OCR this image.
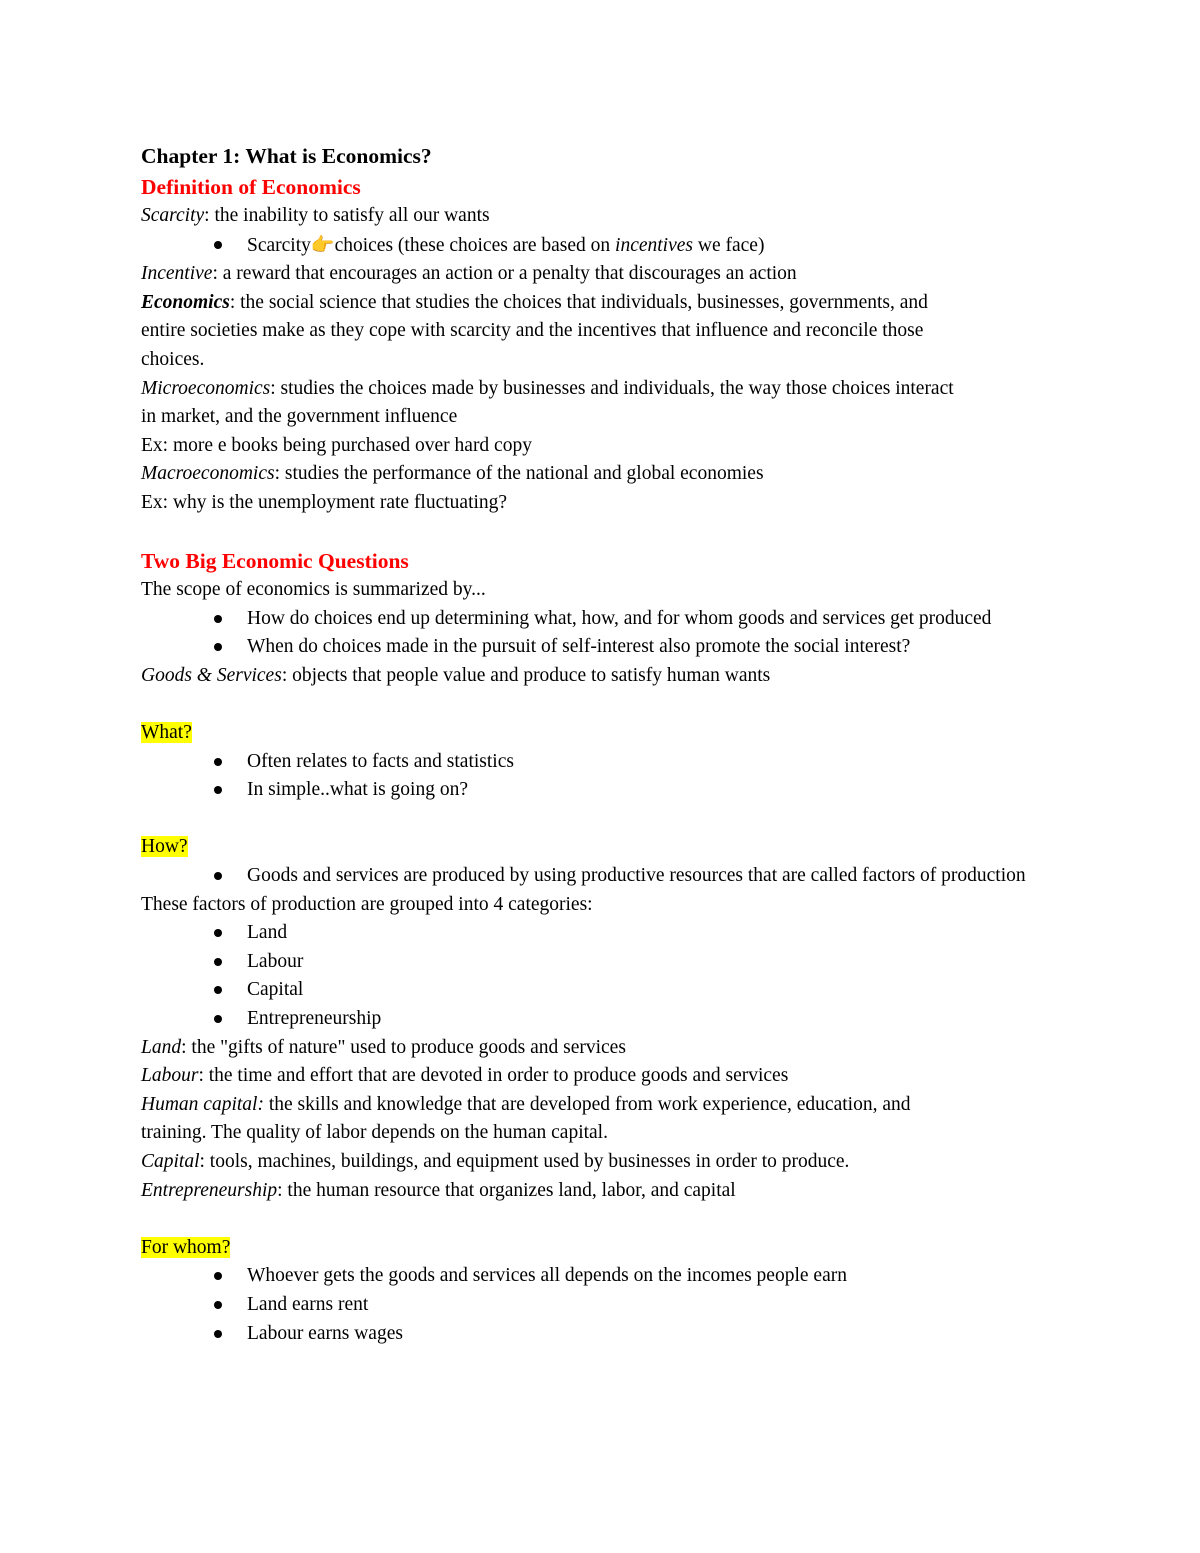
Chapter 1: What is Economics?
Definition of Economics
Scarcity: the inability to satisfy all our wants
Scarcity👉choices (these choices are based on incentives we face)
Incentive: a reward that encourages an action or a penalty that discourages an action
Economics: the social science that studies the choices that individuals, businesses, governments, and
entire societies make as they cope with scarcity and the incentives that influence and reconcile those
choices.
Microeconomics: studies the choices made by businesses and individuals, the way those choices interact
in market, and the government influence
Ex: more e books being purchased over hard copy
Macroeconomics: studies the performance of the national and global economies
Ex: why is the unemployment rate fluctuating?
Two Big Economic Questions
The scope of economics is summarized by...
How do choices end up determining what, how, and for whom goods and services get produced
When do choices made in the pursuit of self-interest also promote the social interest?
Goods & Services: objects that people value and produce to satisfy human wants
What?
Often relates to facts and statistics
In simple..what is going on?
How?
Goods and services are produced by using productive resources that are called factors of production
These factors of production are grouped into 4 categories:
Land
Labour
Capital
Entrepreneurship
Land: the "gifts of nature" used to produce goods and services
Labour: the time and effort that are devoted in order to produce goods and services
Human capital: the skills and knowledge that are developed from work experience, education, and
training. The quality of labor depends on the human capital.
Capital: tools, machines, buildings, and equipment used by businesses in order to produce.
Entrepreneurship: the human resource that organizes land, labor, and capital
For whom?
Whoever gets the goods and services all depends on the incomes people earn
Land earns rent
Labour earns wages
